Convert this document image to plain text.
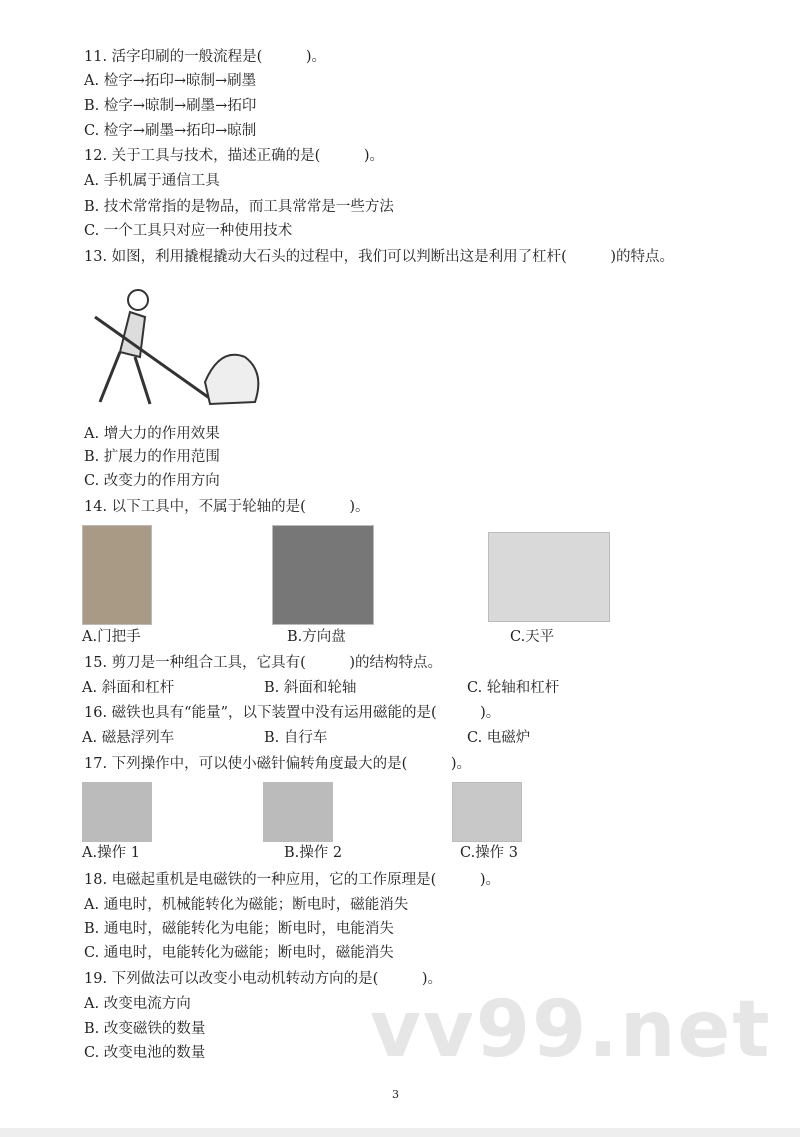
11. 活字印刷的一般流程是(　　　)。
A. 检字→拓印→晾制→刷墨
B. 检字→晾制→刷墨→拓印
C. 检字→刷墨→拓印→晾制
12. 关于工具与技术，描述正确的是(　　　)。
A. 手机属于通信工具
B. 技术常常指的是物品，而工具常常是一些方法
C. 一个工具只对应一种使用技术
13. 如图，利用撬棍撬动大石头的过程中，我们可以判断出这是利用了杠杆(　　　)的特点。
A. 增大力的作用效果
B. 扩展力的作用范围
C. 改变力的作用方向
14. 以下工具中，不属于轮轴的是(　　　)。
A.门把手	B.方向盘	C.天平
15. 剪刀是一种组合工具，它具有(　　　)的结构特点。
A. 斜面和杠杆	B. 斜面和轮轴	C. 轮轴和杠杆
16. 磁铁也具有“能量”，以下装置中没有运用磁能的是(　　　)。
A. 磁悬浮列车	B. 自行车	C. 电磁炉
17. 下列操作中，可以使小磁针偏转角度最大的是(　　　)。
A.操作 1	B.操作 2	C.操作 3
18. 电磁起重机是电磁铁的一种应用，它的工作原理是(　　　)。
A. 通电时，机械能转化为磁能；断电时，磁能消失
B. 通电时，磁能转化为电能；断电时，电能消失
C. 通电时，电能转化为磁能；断电时，磁能消失
vv99.net
19. 下列做法可以改变小电动机转动方向的是(　　　)。
A. 改变电流方向
B. 改变磁铁的数量
C. 改变电池的数量
3
